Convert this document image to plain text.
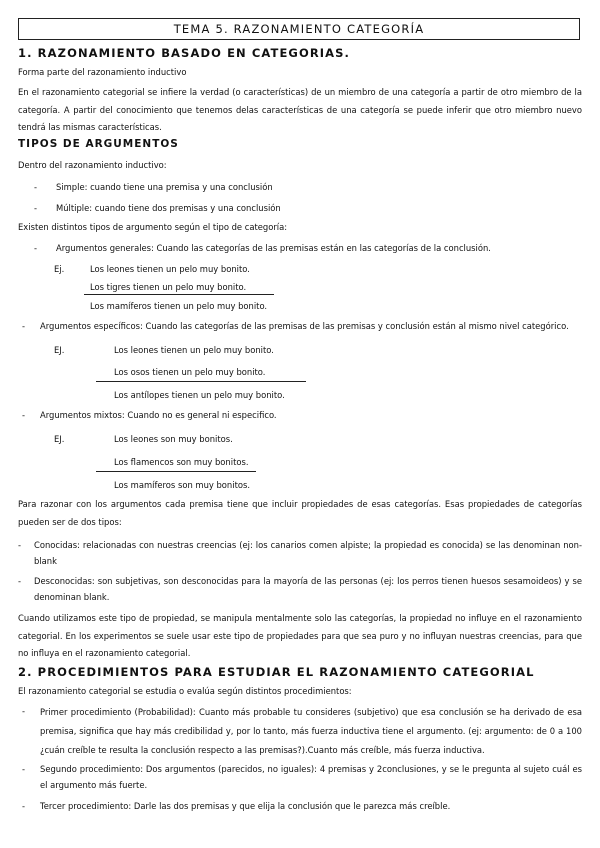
TEMA 5. RAZONAMIENTO CATEGORÍA
1. RAZONAMIENTO BASADO EN CATEGORIAS.
Forma parte del razonamiento inductivo
En el razonamiento categorial se infiere la verdad (o características) de un miembro de una categoría a partir de otro miembro de la categoría. A partir del conocimiento que tenemos delas características de una categoría se puede inferir que otro miembro nuevo tendrá las mismas características.
TIPOS DE ARGUMENTOS
Dentro del razonamiento inductivo:
- Simple: cuando tiene una premisa y una conclusión
- Múltiple: cuando tiene dos premisas y una conclusión
Existen distintos tipos de argumento según el tipo de categoría:
- Argumentos generales: Cuando las categorías de las premisas están en las categorías de la conclusión.
Ej.	Los leones tienen un pelo muy bonito.
Los tigres tienen un pelo muy bonito.
Los mamíferos tienen un pelo muy bonito.
- Argumentos específicos: Cuando las categorías de las premisas de las premisas y conclusión están al mismo nivel categórico.
EJ.	Los leones tienen un pelo muy bonito.
Los osos tienen un pelo muy bonito.
Los antílopes tienen un pelo muy bonito.
- Argumentos mixtos: Cuando no es general ni especifico.
EJ.	Los leones son muy bonitos.
Los flamencos son muy bonitos.
Los mamíferos son muy bonitos.
Para razonar con los argumentos cada premisa tiene que incluir propiedades de esas categorías. Esas propiedades de categorías pueden ser de dos tipos:
- Conocidas: relacionadas con nuestras creencias (ej: los canarios comen alpiste; la propiedad es conocida) se las denominan non-blank
- Desconocidas: son subjetivas, son desconocidas para la mayoría de las personas (ej: los perros tienen huesos sesamoideos) y se denominan blank.
Cuando utilizamos este tipo de propiedad, se manipula mentalmente solo las categorías, la propiedad no influye en el razonamiento categorial. En los experimentos se suele usar este tipo de propiedades para que sea puro y no influyan nuestras creencias, para que no influya en el razonamiento categorial.
2. PROCEDIMIENTOS PARA ESTUDIAR EL RAZONAMIENTO CATEGORIAL
El razonamiento categorial se estudia o evalúa según distintos procedimientos:
- Primer procedimiento (Probabilidad): Cuanto más probable tu consideres (subjetivo) que esa conclusión se ha derivado de esa premisa, significa que hay más credibilidad y, por lo tanto, más fuerza inductiva tiene el argumento. (ej: argumento: de 0 a 100 ¿cuán creíble te resulta la conclusión respecto a las premisas?).Cuanto más creíble, más fuerza inductiva.
- Segundo procedimiento: Dos argumentos (parecidos, no iguales): 4 premisas y 2conclusiones, y se le pregunta al sujeto cuál es el argumento más fuerte.
- Tercer procedimiento: Darle las dos premisas y que elija la conclusión que le parezca más creíble.
